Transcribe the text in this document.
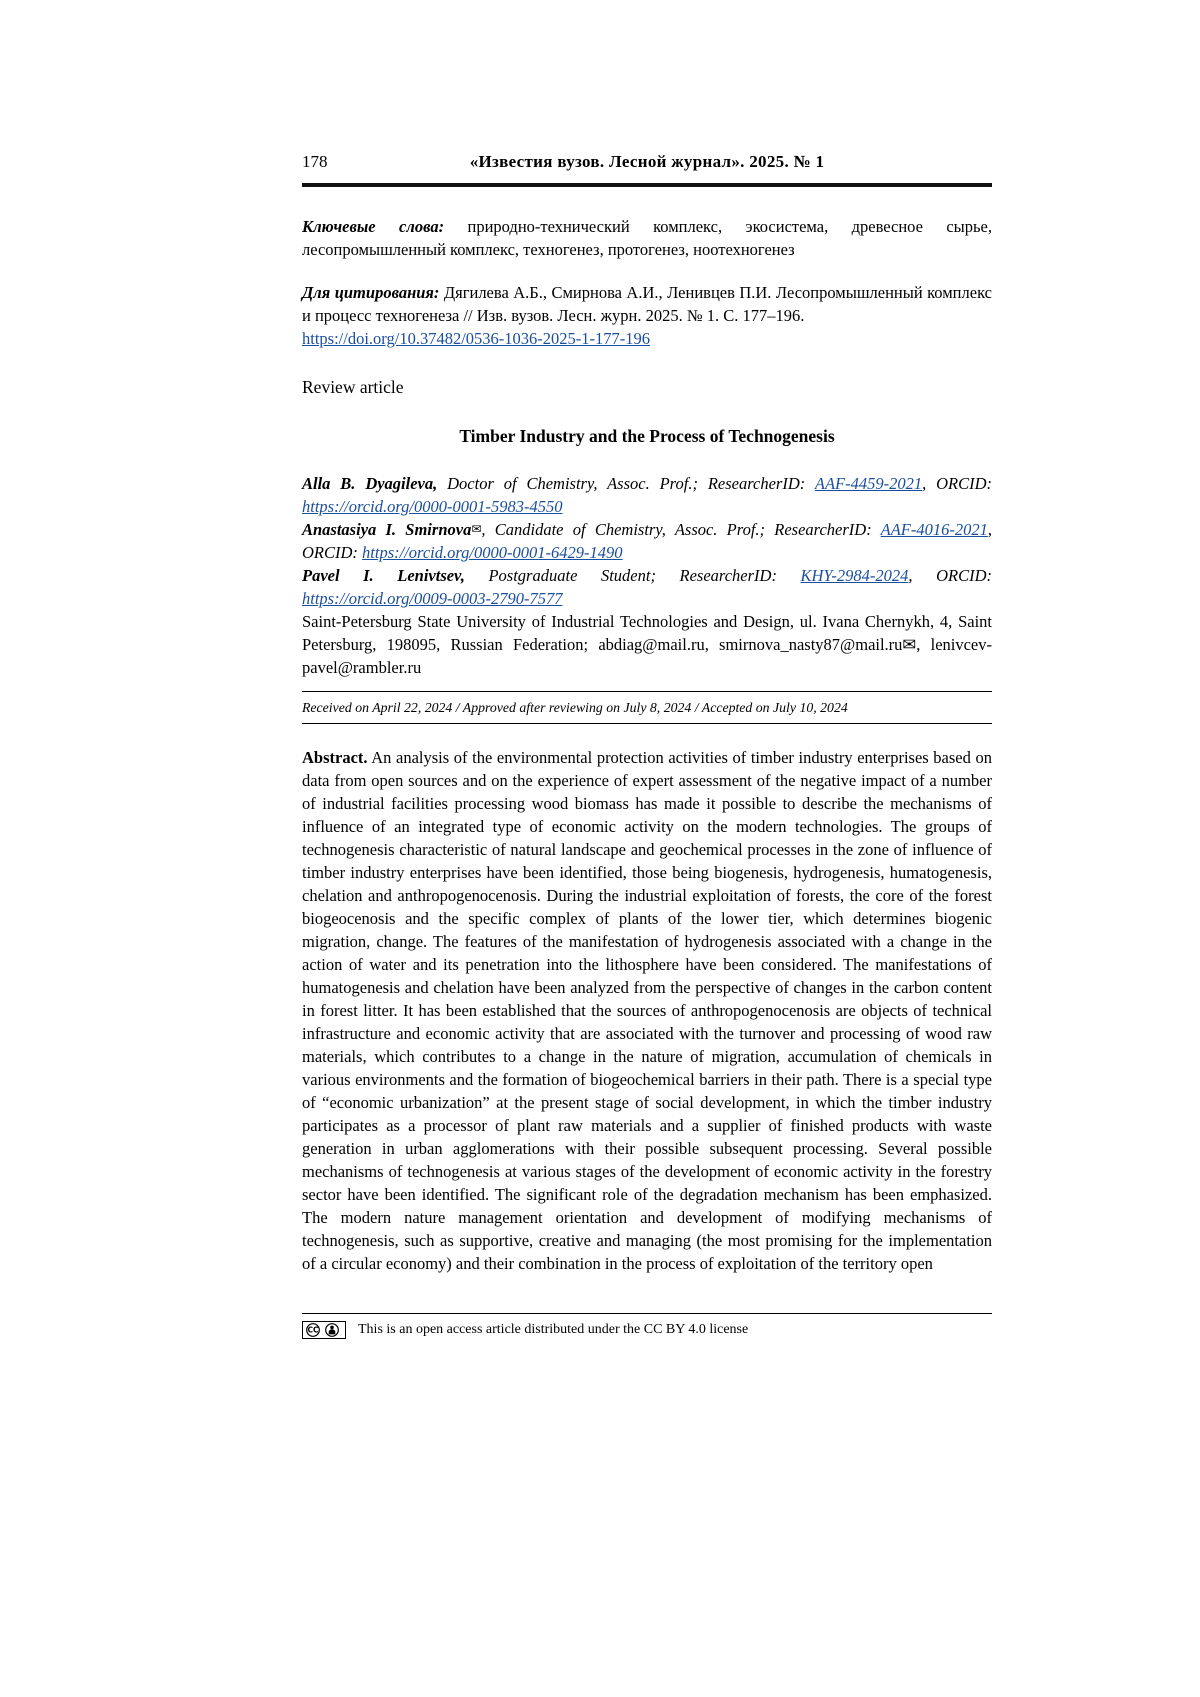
178	«Известия вузов. Лесной журнал». 2025. № 1

Ключевые слова: природно-технический комплекс, экосистема, древесное сырье, лесопромышленный комплекс, техногенез, протогенез, ноотехногенез

Для цитирования: Дягилева А.Б., Смирнова А.И., Ленивцев П.И. Лесопромышленный комплекс и процесс техногенеза // Изв. вузов. Лесн. журн. 2025. № 1. С. 177–196.

https://doi.org/10.37482/0536-1036-2025-1-177-196

Review article

Timber Industry and the Process of Technogenesis

Alla B. Dyagileva, Doctor of Chemistry, Assoc. Prof.; ResearcherID: AAF-4459-2021, ORCID: https://orcid.org/0000-0001-5983-4550

Anastasiya I. Smirnova✉, Candidate of Chemistry, Assoc. Prof.; ResearcherID: AAF-4016-2021, ORCID: https://orcid.org/0000-0001-6429-1490

Pavel I. Lenivtsev, Postgraduate Student; ResearcherID: KHY-2984-2024, ORCID: https://orcid.org/0009-0003-2790-7577

Saint-Petersburg State University of Industrial Technologies and Design, ul. Ivana Chernykh, 4, Saint Petersburg, 198095, Russian Federation; abdiag@mail.ru, smirnova_nasty87@mail.ru✉, lenivcev-pavel@rambler.ru

Received on April 22, 2024 / Approved after reviewing on July 8, 2024 / Accepted on July 10, 2024

Abstract. An analysis of the environmental protection activities of timber industry enterprises based on data from open sources and on the experience of expert assessment of the negative impact of a number of industrial facilities processing wood biomass has made it possible to describe the mechanisms of influence of an integrated type of economic activity on the modern technologies. The groups of technogenesis characteristic of natural landscape and geochemical processes in the zone of influence of timber industry enterprises have been identified, those being biogenesis, hydrogenesis, humatogenesis, chelation and anthropogenocenosis. During the industrial exploitation of forests, the core of the forest biogeocenosis and the specific complex of plants of the lower tier, which determines biogenic migration, change. The features of the manifestation of hydrogenesis associated with a change in the action of water and its penetration into the lithosphere have been considered. The manifestations of humatogenesis and chelation have been analyzed from the perspective of changes in the carbon content in forest litter. It has been established that the sources of anthropogenocenosis are objects of technical infrastructure and economic activity that are associated with the turnover and processing of wood raw materials, which contributes to a change in the nature of migration, accumulation of chemicals in various environments and the formation of biogeochemical barriers in their path. There is a special type of “economic urbanization” at the present stage of social development, in which the timber industry participates as a processor of plant raw materials and a supplier of finished products with waste generation in urban agglomerations with their possible subsequent processing. Several possible mechanisms of technogenesis at various stages of the development of economic activity in the forestry sector have been identified. The significant role of the degradation mechanism has been emphasized. The modern nature management orientation and development of modifying mechanisms of technogenesis, such as supportive, creative and managing (the most promising for the implementation of a circular economy) and their combination in the process of exploitation of the territory open

CC	This is an open access article distributed under the CC BY 4.0 license
